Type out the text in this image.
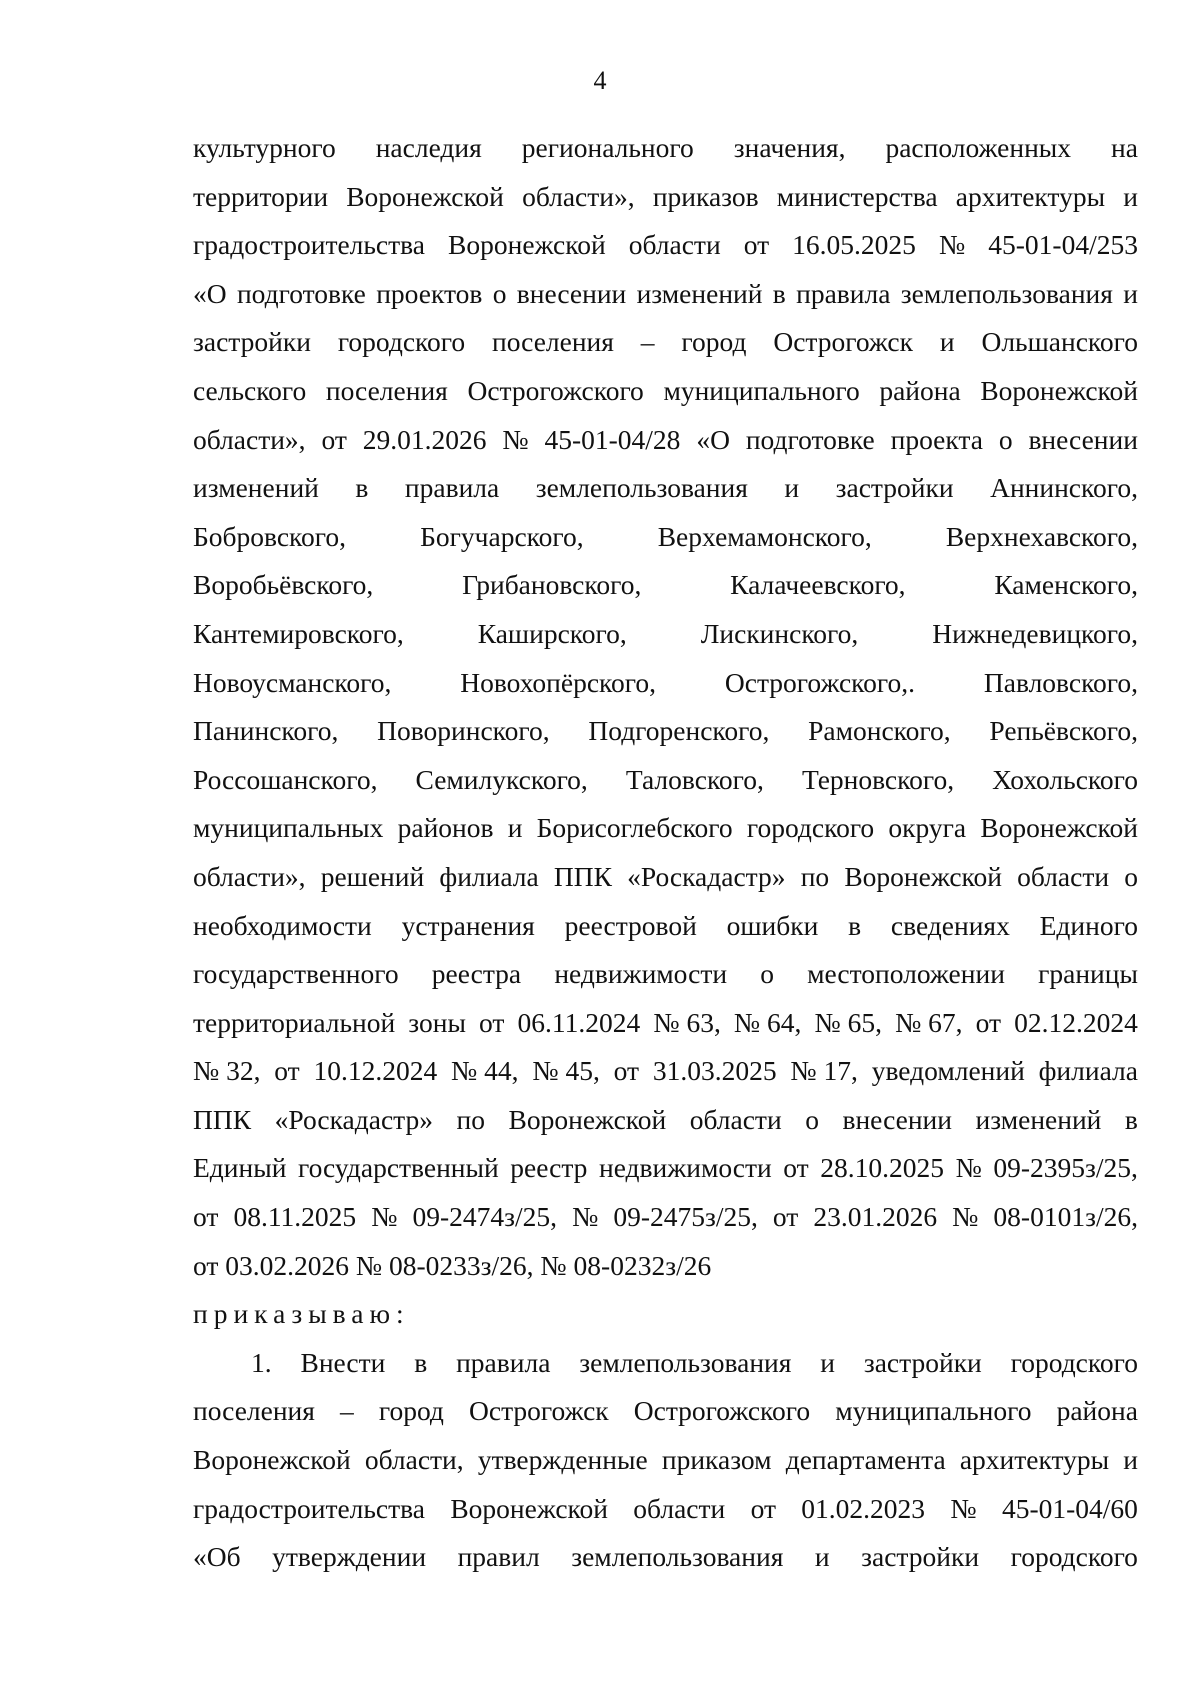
4
культурного наследия регионального значения, расположенных на
территории Воронежской области», приказов министерства архитектуры и
градостроительства Воронежской области от 16.05.2025 № 45-01-04/253
«О подготовке проектов о внесении изменений в правила землепользования и
застройки городского поселения – город Острогожск и Ольшанского
сельского поселения Острогожского муниципального района Воронежской
области», от 29.01.2026 № 45-01-04/28 «О подготовке проекта о внесении
изменений в правила землепользования и застройки Аннинского,
Бобровского,	Богучарского,	Верхемамонского,	Верхнехавского,
Воробьёвского,	Грибановского,	Калачеевского,	Каменского,
Кантемировского,	Каширского,	Лискинского,	Нижнедевицкого,
Новоусманского,	Новохопёрского,	Острогожского,.	Павловского,
Панинского, Поворинского, Подгоренского, Рамонского, Репьёвского,
Россошанского, Семилукского, Таловского, Терновского, Хохольского
муниципальных районов и Борисоглебского городского округа Воронежской
области», решений филиала ППК «Роскадастр» по Воронежской области о
необходимости устранения реестровой ошибки в сведениях Единого
государственного реестра недвижимости о местоположении границы
территориальной зоны от 06.11.2024 № 63, № 64, № 65, № 67, от 02.12.2024
№ 32, от 10.12.2024 № 44, № 45, от 31.03.2025 № 17, уведомлений филиала
ППК «Роскадастр» по Воронежской области о внесении изменений в
Единый государственный реестр недвижимости от 28.10.2025 № 09-2395з/25,
от 08.11.2025 № 09-2474з/25, № 09-2475з/25, от 23.01.2026 № 08-0101з/26,
от 03.02.2026 № 08-0233з/26, № 08-0232з/26
приказываю:
1. Внести в правила землепользования и застройки городского
поселения – город Острогожск Острогожского муниципального района
Воронежской области, утвержденные приказом департамента архитектуры и
градостроительства Воронежской области от 01.02.2023 № 45-01-04/60
«Об утверждении правил землепользования и застройки городского
